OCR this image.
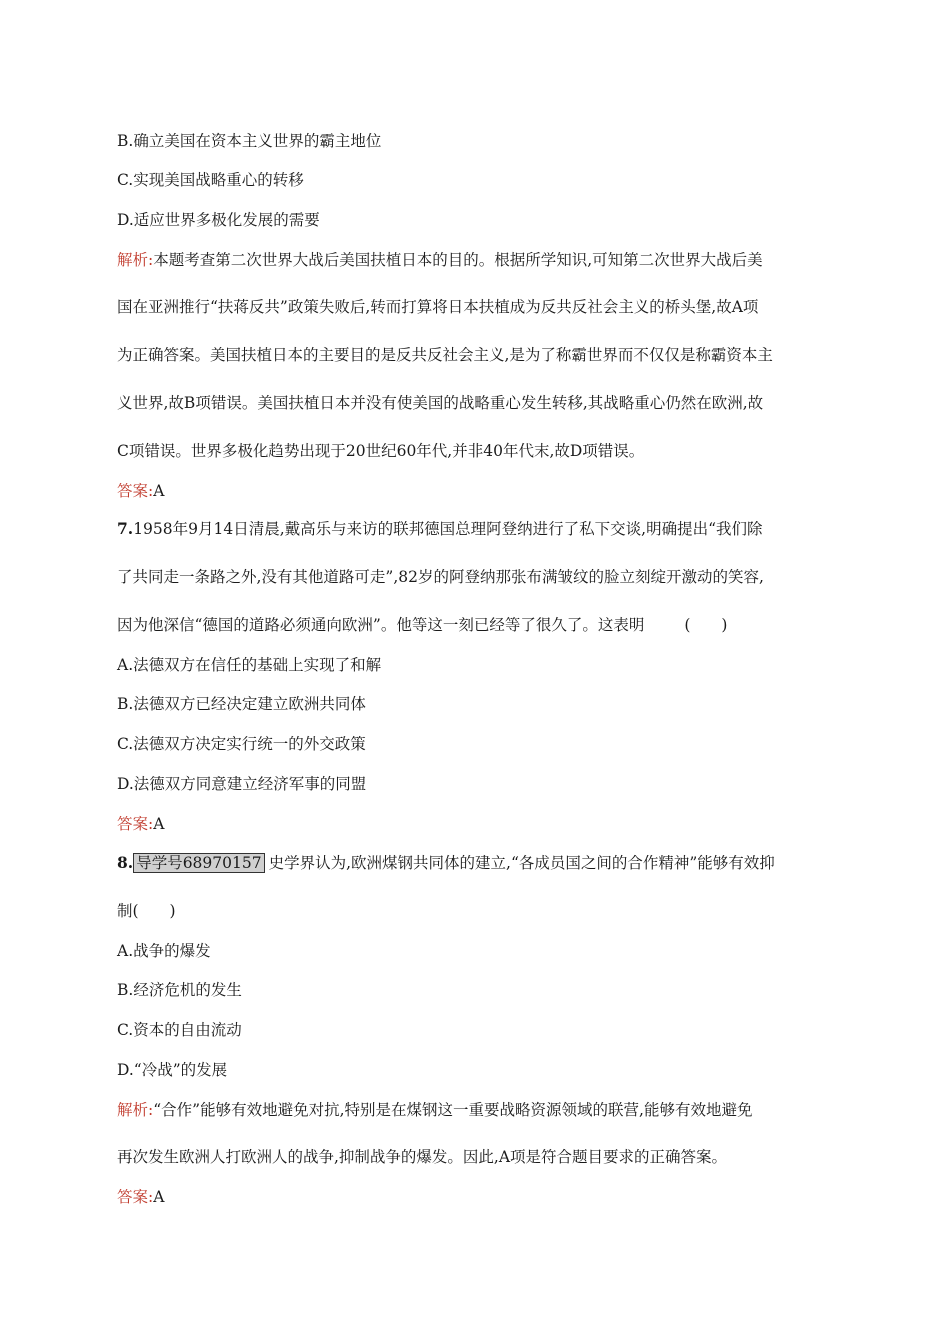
B.确立美国在资本主义世界的霸主地位
C.实现美国战略重心的转移
D.适应世界多极化发展的需要
解析:本题考查第二次世界大战后美国扶植日本的目的。根据所学知识,可知第二次世界大战后美
国在亚洲推行“扶蒋反共”政策失败后,转而打算将日本扶植成为反共反社会主义的桥头堡,故A项
为正确答案。美国扶植日本的主要目的是反共反社会主义,是为了称霸世界而不仅仅是称霸资本主
义世界,故B项错误。美国扶植日本并没有使美国的战略重心发生转移,其战略重心仍然在欧洲,故
C项错误。世界多极化趋势出现于20世纪60年代,并非40年代末,故D项错误。
答案:A
7.1958年9月14日清晨,戴高乐与来访的联邦德国总理阿登纳进行了私下交谈,明确提出“我们除
了共同走一条路之外,没有其他道路可走”,82岁的阿登纳那张布满皱纹的脸立刻绽开激动的笑容,
因为他深信“德国的道路必须通向欧洲”。他等这一刻已经等了很久了。这表明	(　　)
A.法德双方在信任的基础上实现了和解
B.法德双方已经决定建立欧洲共同体
C.法德双方决定实行统一的外交政策
D.法德双方同意建立经济军事的同盟
答案:A
8. 导学号68970157 史学界认为,欧洲煤钢共同体的建立,“各成员国之间的合作精神”能够有效抑
制(　　)
A.战争的爆发
B.经济危机的发生
C.资本的自由流动
D.“冷战”的发展
解析:“合作”能够有效地避免对抗,特别是在煤钢这一重要战略资源领域的联营,能够有效地避免
再次发生欧洲人打欧洲人的战争,抑制战争的爆发。因此,A项是符合题目要求的正确答案。
答案:A
